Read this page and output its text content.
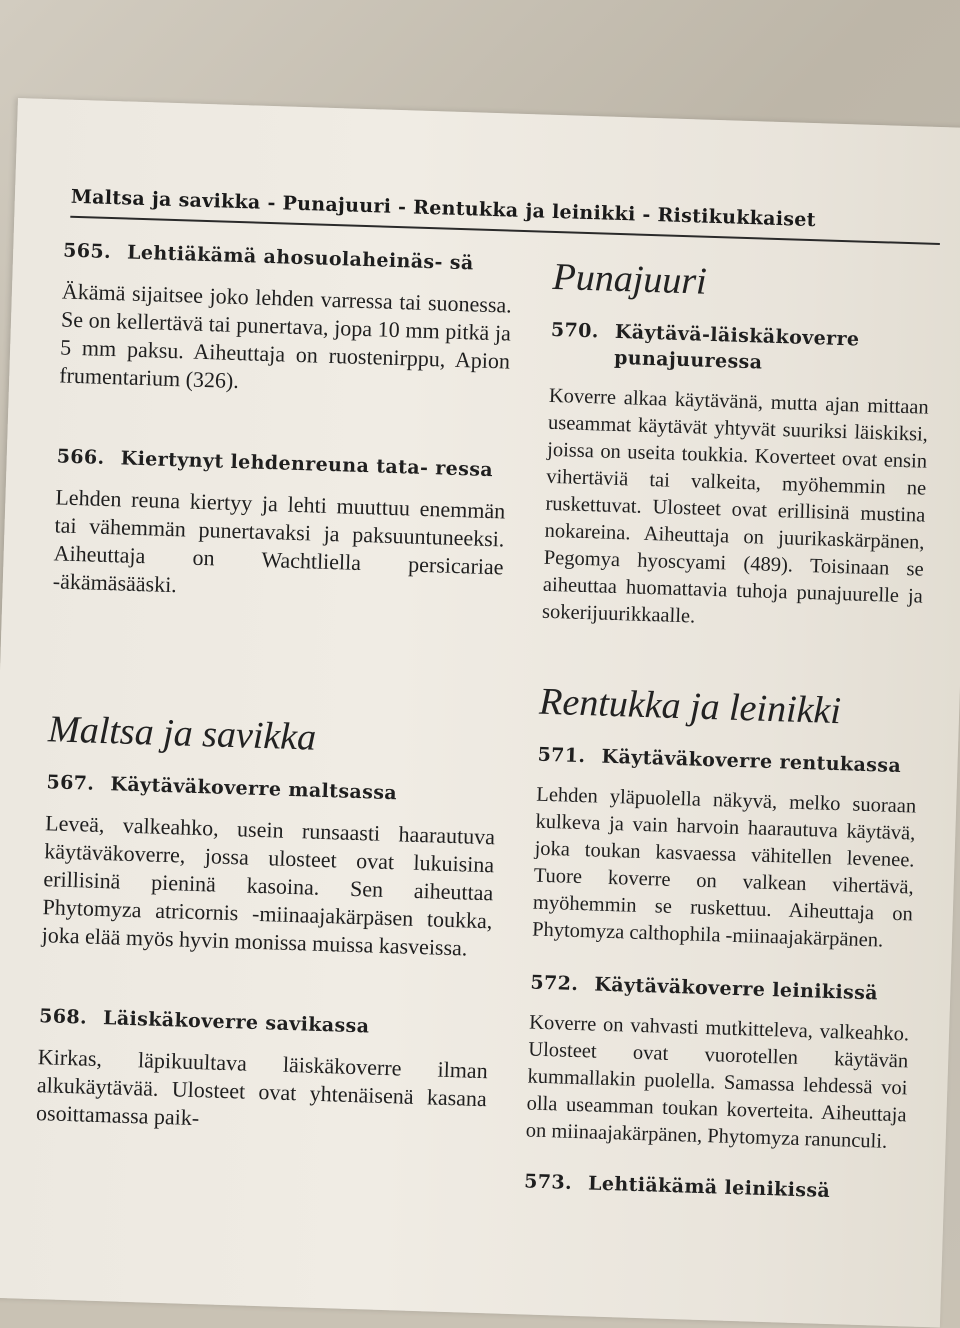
Maltsa ja savikka - Punajuuri - Rentukka ja leinikki - Ristikukkaiset
565. Lehtiäkämä ahosuolaheinäs- sä

Äkämä sijaitsee joko lehden varressa tai suonessa. Se on kellertävä tai punertava, jopa 10 mm pitkä ja 5 mm paksu. Aiheuttaja on ruostenirppu, Apion frumentarium (326).

566. Kiertynyt lehdenreuna tata- ressa

Lehden reuna kiertyy ja lehti muuttuu enemmän tai vähemmän punertavaksi ja paksuuntuneeksi. Aiheuttaja on Wachtliella persicariae -äkämäsääski.

Maltsa ja savikka
567. Käytäväkoverre maltsassa

Leveä, valkeahko, usein runsaasti haarautuva käytäväkoverre, jossa ulosteet ovat lukuisina erillisinä pieninä kasoina. Sen aiheuttaa Phytomyza atricornis -miinaajakärpäsen toukka, joka elää myös hyvin monissa muissa kasveissa.

568. Läiskäkoverre savikassa

Kirkas, läpikuultava läiskäkoverre ilman alkukäytävää. Ulosteet ovat yhtenäisenä kasana osoittamassa paik-

Punajuuri
570. Käytävä-läiskäkoverre punajuuressa

Koverre alkaa käytävänä, mutta ajan mittaan useammat käytävät yhtyvät suuriksi läiskiksi, joissa on useita toukkia. Koverteet ovat ensin vihertäviä tai valkeita, myöhemmin ne ruskettuvat. Ulosteet ovat erillisinä mustina nokareina. Aiheuttaja on juurikaskärpänen, Pegomya hyoscyami (489). Toisinaan se aiheuttaa huomattavia tuhoja punajuurelle ja sokerijuurikkaalle.

Rentukka ja leinikki
571. Käytäväkoverre rentukassa

Lehden yläpuolella näkyvä, melko suoraan kulkeva ja vain harvoin haarautuva käytävä, joka toukan kasvaessa vähitellen levenee. Tuore koverre on valkean vihertävä, myöhemmin se ruskettuu. Aiheuttaja on Phytomyza calthophila -miinaajakärpänen.

572. Käytäväkoverre leinikissä

Koverre on vahvasti mutkitteleva, valkeahko. Ulosteet ovat vuorotellen käytävän kummallakin puolella. Samassa lehdessä voi olla useamman toukan koverteita. Aiheuttaja on miinaajakärpänen, Phytomyza ranunculi.

573. Lehtiäkämä leinikissä
